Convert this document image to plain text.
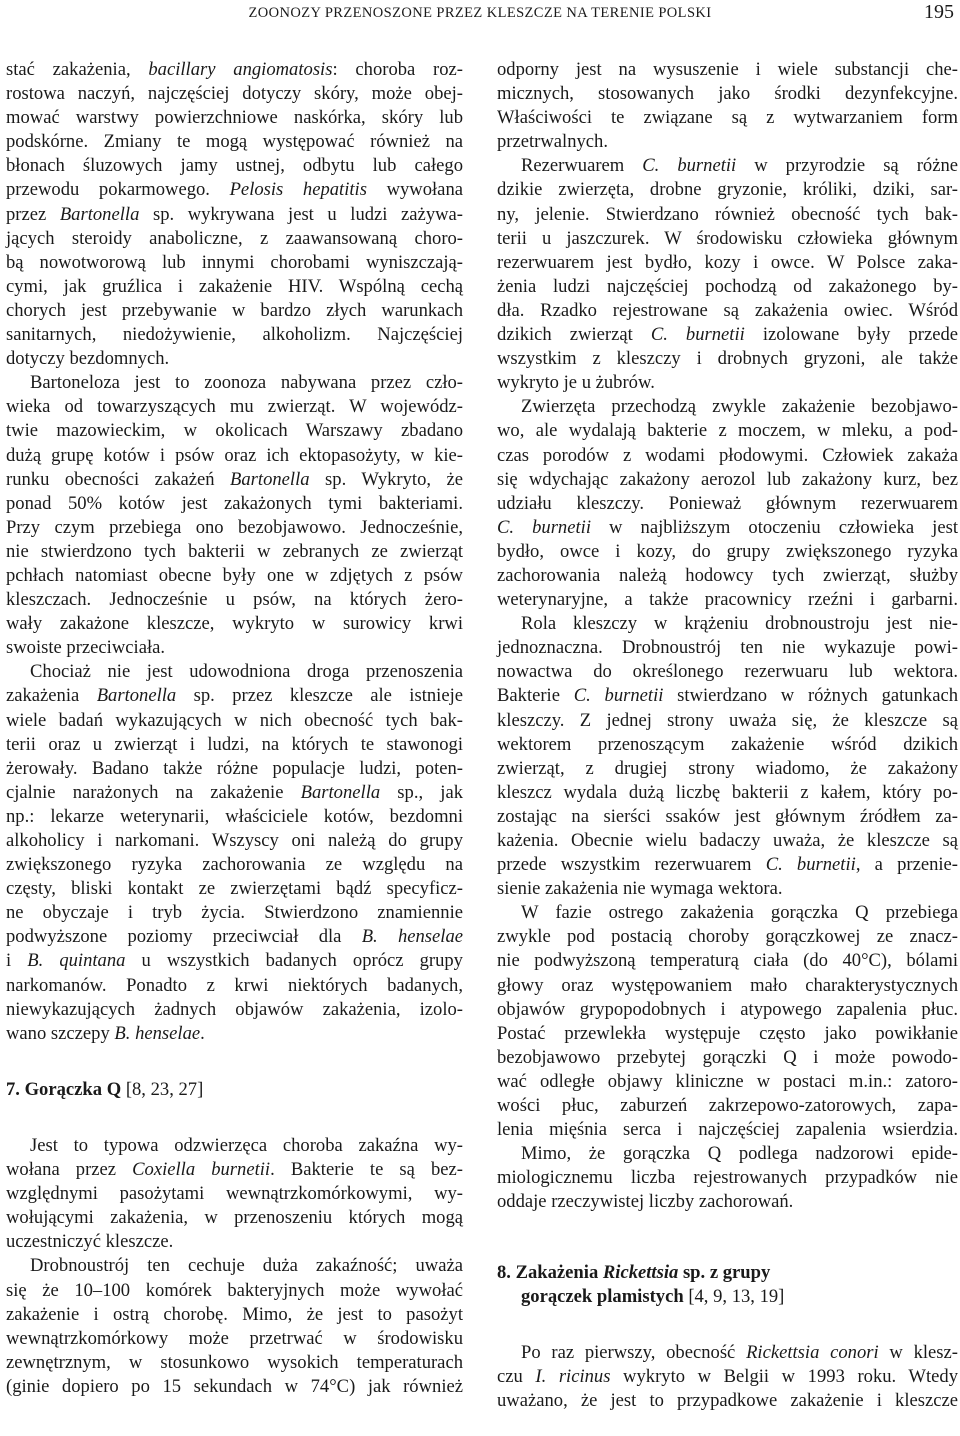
ZOONOZY PRZENOSZONE PRZEZ KLESZCZE NA TERENIE POLSKI	195
stać zakażenia, bacillary angiomatosis: choroba roz-
rostowa naczyń, najczęściej dotyczy skóry, może obej-
mować warstwy powierzchniowe naskórka, skóry lub
podskórne. Zmiany te mogą występować również na
błonach śluzowych jamy ustnej, odbytu lub całego
przewodu pokarmowego. Pelosis hepatitis wywołana
przez Bartonella sp. wykrywana jest u ludzi zażywa-
jących steroidy anaboliczne, z zaawansowaną choro-
bą nowotworową lub innymi chorobami wyniszczają-
cymi, jak gruźlica i zakażenie HIV. Wspólną cechą
chorych jest przebywanie w bardzo złych warunkach
sanitarnych, niedożywienie, alkoholizm. Najczęściej
dotyczy bezdomnych.
Bartoneloza jest to zoonoza nabywana przez czło-
wieka od towarzyszących mu zwierząt. W wojewódz-
twie mazowieckim, w okolicach Warszawy zbadano
dużą grupę kotów i psów oraz ich ektopasożyty, w kie-
runku obecności zakażeń Bartonella sp. Wykryto, że
ponad 50% kotów jest zakażonych tymi bakteriami.
Przy czym przebiega ono bezobjawowo. Jednocześnie,
nie stwierdzono tych bakterii w zebranych ze zwierząt
pchłach natomiast obecne były one w zdjętych z psów
kleszczach. Jednocześnie u psów, na których żero-
wały zakażone kleszcze, wykryto w surowicy krwi
swoiste przeciwciała.
Chociaż nie jest udowodniona droga przenoszenia
zakażenia Bartonella sp. przez kleszcze ale istnieje
wiele badań wykazujących w nich obecność tych bak-
terii oraz u zwierząt i ludzi, na których te stawonogi
żerowały. Badano także różne populacje ludzi, poten-
cjalnie narażonych na zakażenie Bartonella sp., jak
np.: lekarze weterynarii, właściciele kotów, bezdomni
alkoholicy i narkomani. Wszyscy oni należą do grupy
zwiększonego ryzyka zachorowania ze względu na
częsty, bliski kontakt ze zwierzętami bądź specyficz-
ne obyczaje i tryb życia. Stwierdzono znamiennie
podwyższone poziomy przeciwciał dla B. henselae
i B. quintana u wszystkich badanych oprócz grupy
narkomanów. Ponadto z krwi niektórych badanych,
niewykazujących żadnych objawów zakażenia, izolo-
wano szczepy B. henselae.
7. Gorączka Q [8, 23, 27]
Jest to typowa odzwierzęca choroba zakaźna wy-
wołana przez Coxiella burnetii. Bakterie te są bez-
względnymi pasożytami wewnątrzkomórkowymi, wy-
wołującymi zakażenia, w przenoszeniu których mogą
uczestniczyć kleszcze.
Drobnoustrój ten cechuje duża zakaźność; uważa
się że 10–100 komórek bakteryjnych może wywołać
zakażenie i ostrą chorobę. Mimo, że jest to pasożyt
wewnątrzkomórkowy może przetrwać w środowisku
zewnętrznym, w stosunkowo wysokich temperaturach
(ginie dopiero po 15 sekundach w 74°C) jak również
odporny jest na wysuszenie i wiele substancji che-
micznych, stosowanych jako środki dezynfekcyjne.
Właściwości te związane są z wytwarzaniem form
przetrwalnych.
Rezerwuarem C. burnetii w przyrodzie są różne
dzikie zwierzęta, drobne gryzonie, króliki, dziki, sar-
ny, jelenie. Stwierdzano również obecność tych bak-
terii u jaszczurek. W środowisku człowieka głównym
rezerwuarem jest bydło, kozy i owce. W Polsce zaka-
żenia ludzi najczęściej pochodzą od zakażonego by-
dła. Rzadko rejestrowane są zakażenia owiec. Wśród
dzikich zwierząt C. burnetii izolowane były przede
wszystkim z kleszczy i drobnych gryzoni, ale także
wykryto je u żubrów.
Zwierzęta przechodzą zwykle zakażenie bezobjawo-
wo, ale wydalają bakterie z moczem, w mleku, a pod-
czas porodów z wodami płodowymi. Człowiek zakaża
się wdychając zakażony aerozol lub zakażony kurz, bez
udziału kleszczy. Ponieważ głównym rezerwuarem
C. burnetii w najbliższym otoczeniu człowieka jest
bydło, owce i kozy, do grupy zwiększonego ryzyka
zachorowania należą hodowcy tych zwierząt, służby
weterynaryjne, a także pracownicy rzeźni i garbarni.
Rola kleszczy w krążeniu drobnoustroju jest nie-
jednoznaczna. Drobnoustrój ten nie wykazuje powi-
nowactwa do określonego rezerwuaru lub wektora.
Bakterie C. burnetii stwierdzano w różnych gatunkach
kleszczy. Z jednej strony uważa się, że kleszcze są
wektorem przenoszącym zakażenie wśród dzikich
zwierząt, z drugiej strony wiadomo, że zakażony
kleszcz wydala dużą liczbę bakterii z kałem, który po-
zostając na sierści ssaków jest głównym źródłem za-
każenia. Obecnie wielu badaczy uważa, że kleszcze są
przede wszystkim rezerwuarem C. burnetii, a przenie-
sienie zakażenia nie wymaga wektora.
W fazie ostrego zakażenia gorączka Q przebiega
zwykle pod postacią choroby gorączkowej ze znacz-
nie podwyższoną temperaturą ciała (do 40°C), bólami
głowy oraz występowaniem mało charakterystycznych
objawów grypopodobnych i atypowego zapalenia płuc.
Postać przewlekła występuje często jako powikłanie
bezobjawowo przebytej gorączki Q i może powodo-
wać odległe objawy kliniczne w postaci m.in.: zatoro-
wości płuc, zaburzeń zakrzepowo-zatorowych, zapa-
lenia mięśnia serca i najczęściej zapalenia wsierdzia.
Mimo, że gorączka Q podlega nadzorowi epide-
miologicznemu liczba rejestrowanych przypadków nie
oddaje rzeczywistej liczby zachorowań.
8. Zakażenia Rickettsia sp. z grupy
gorączek plamistych [4, 9, 13, 19]
Po raz pierwszy, obecność Rickettsia conori w klesz-
czu I. ricinus wykryto w Belgii w 1993 roku. Wtedy
uważano, że jest to przypadkowe zakażenie i kleszcze
